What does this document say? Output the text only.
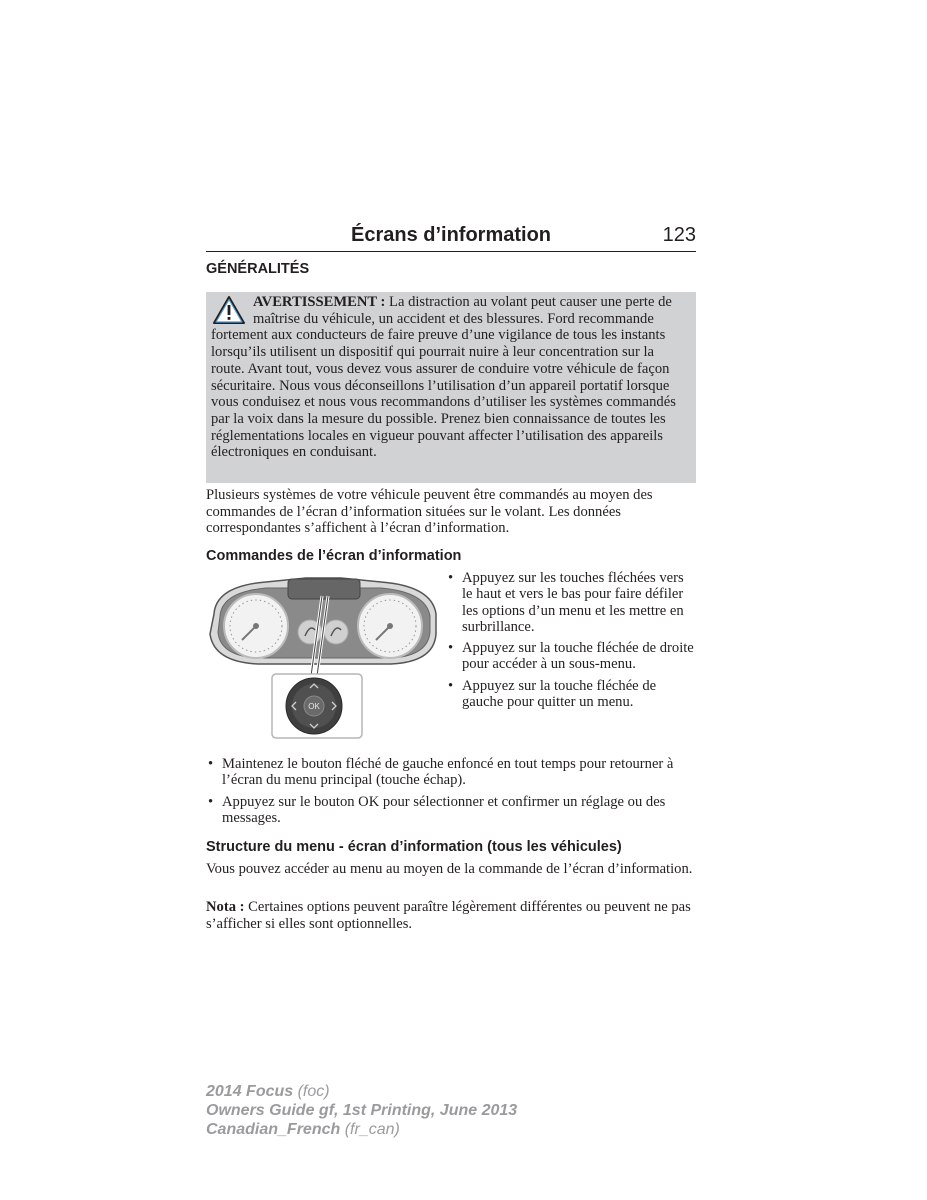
Écrans d’information	123
GÉNÉRALITÉS

AVERTISSEMENT : La distraction au volant peut causer une perte de maîtrise du véhicule, un accident et des blessures. Ford recommande fortement aux conducteurs de faire preuve d’une vigilance de tous les instants lorsqu’ils utilisent un dispositif qui pourrait nuire à leur concentration sur la route. Avant tout, vous devez vous assurer de conduire votre véhicule de façon sécuritaire. Nous vous déconseillons l’utilisation d’un appareil portatif lorsque vous conduisez et nous vous recommandons d’utiliser les systèmes commandés par la voix dans la mesure du possible. Prenez bien connaissance de toutes les réglementations locales en vigueur pouvant affecter l’utilisation des appareils électroniques en conduisant.

Plusieurs systèmes de votre véhicule peuvent être commandés au moyen des commandes de l’écran d’information situées sur le volant. Les données correspondantes s’affichent à l’écran d’information.

Commandes de l’écran d’information
OK
• Appuyez sur les touches fléchées vers le haut et vers le bas pour faire défiler les options d’un menu et les mettre en surbrillance.
• Appuyez sur la touche fléchée de droite pour accéder à un sous-menu.
• Appuyez sur la touche fléchée de gauche pour quitter un menu.
• Maintenez le bouton fléché de gauche enfoncé en tout temps pour retourner à l’écran du menu principal (touche échap).
• Appuyez sur le bouton OK pour sélectionner et confirmer un réglage ou des messages.
Structure du menu - écran d’information (tous les véhicules)

Vous pouvez accéder au menu au moyen de la commande de l’écran d’information.

Nota : Certaines options peuvent paraître légèrement différentes ou peuvent ne pas s’afficher si elles sont optionnelles.

2014 Focus (foc)
Owners Guide gf, 1st Printing, June 2013
Canadian_French (fr_can)
